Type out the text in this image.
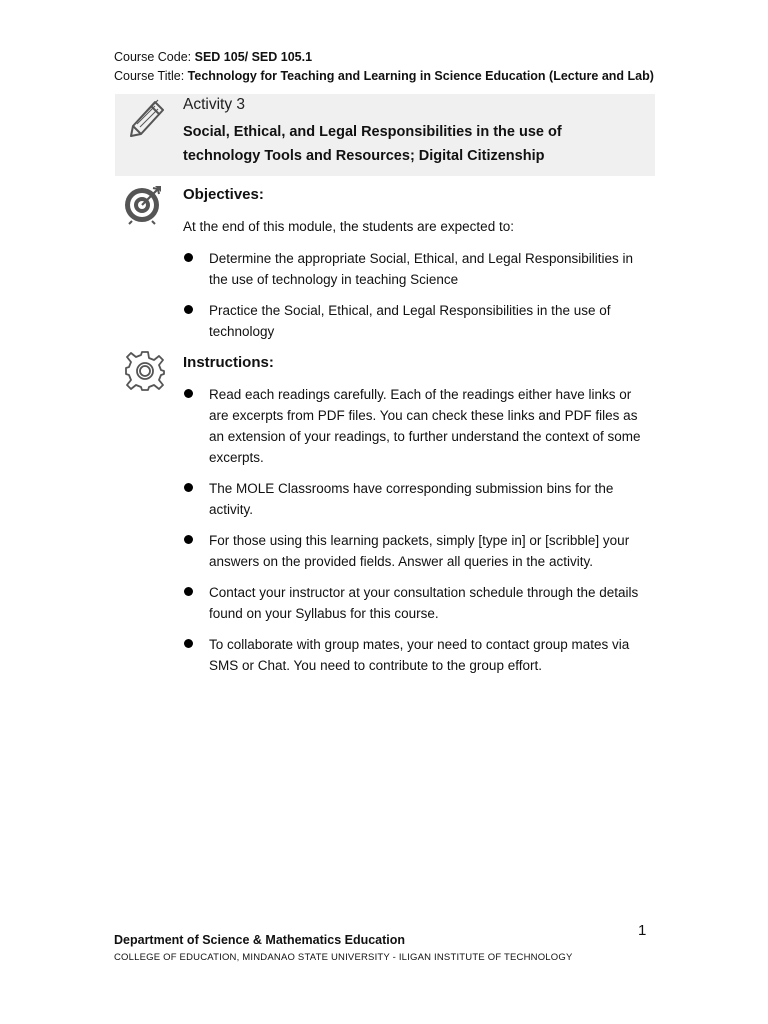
Course Code: SED 105/ SED 105.1
Course Title: Technology for Teaching and Learning in Science Education (Lecture and Lab)
Activity 3
Social, Ethical, and Legal Responsibilities in the use of technology Tools and Resources; Digital Citizenship
Objectives:
At the end of this module, the students are expected to:
Determine the appropriate Social, Ethical, and Legal Responsibilities in the use of technology in teaching Science
Practice the Social, Ethical, and Legal Responsibilities in the use of technology
Instructions:
Read each readings carefully. Each of the readings either have links or are excerpts from PDF files. You can check these links and PDF files as an extension of your readings, to further understand the context of some excerpts.
The MOLE Classrooms have corresponding submission bins for the activity.
For those using this learning packets, simply [type in] or [scribble] your answers on the provided fields. Answer all queries in the activity.
Contact your instructor at your consultation schedule through the details found on your Syllabus for this course.
To collaborate with group mates, your need to contact group mates via SMS or Chat. You need to contribute to the group effort.
1
Department of Science & Mathematics Education
COLLEGE OF EDUCATION, MINDANAO STATE UNIVERSITY - ILIGAN INSTITUTE OF TECHNOLOGY
